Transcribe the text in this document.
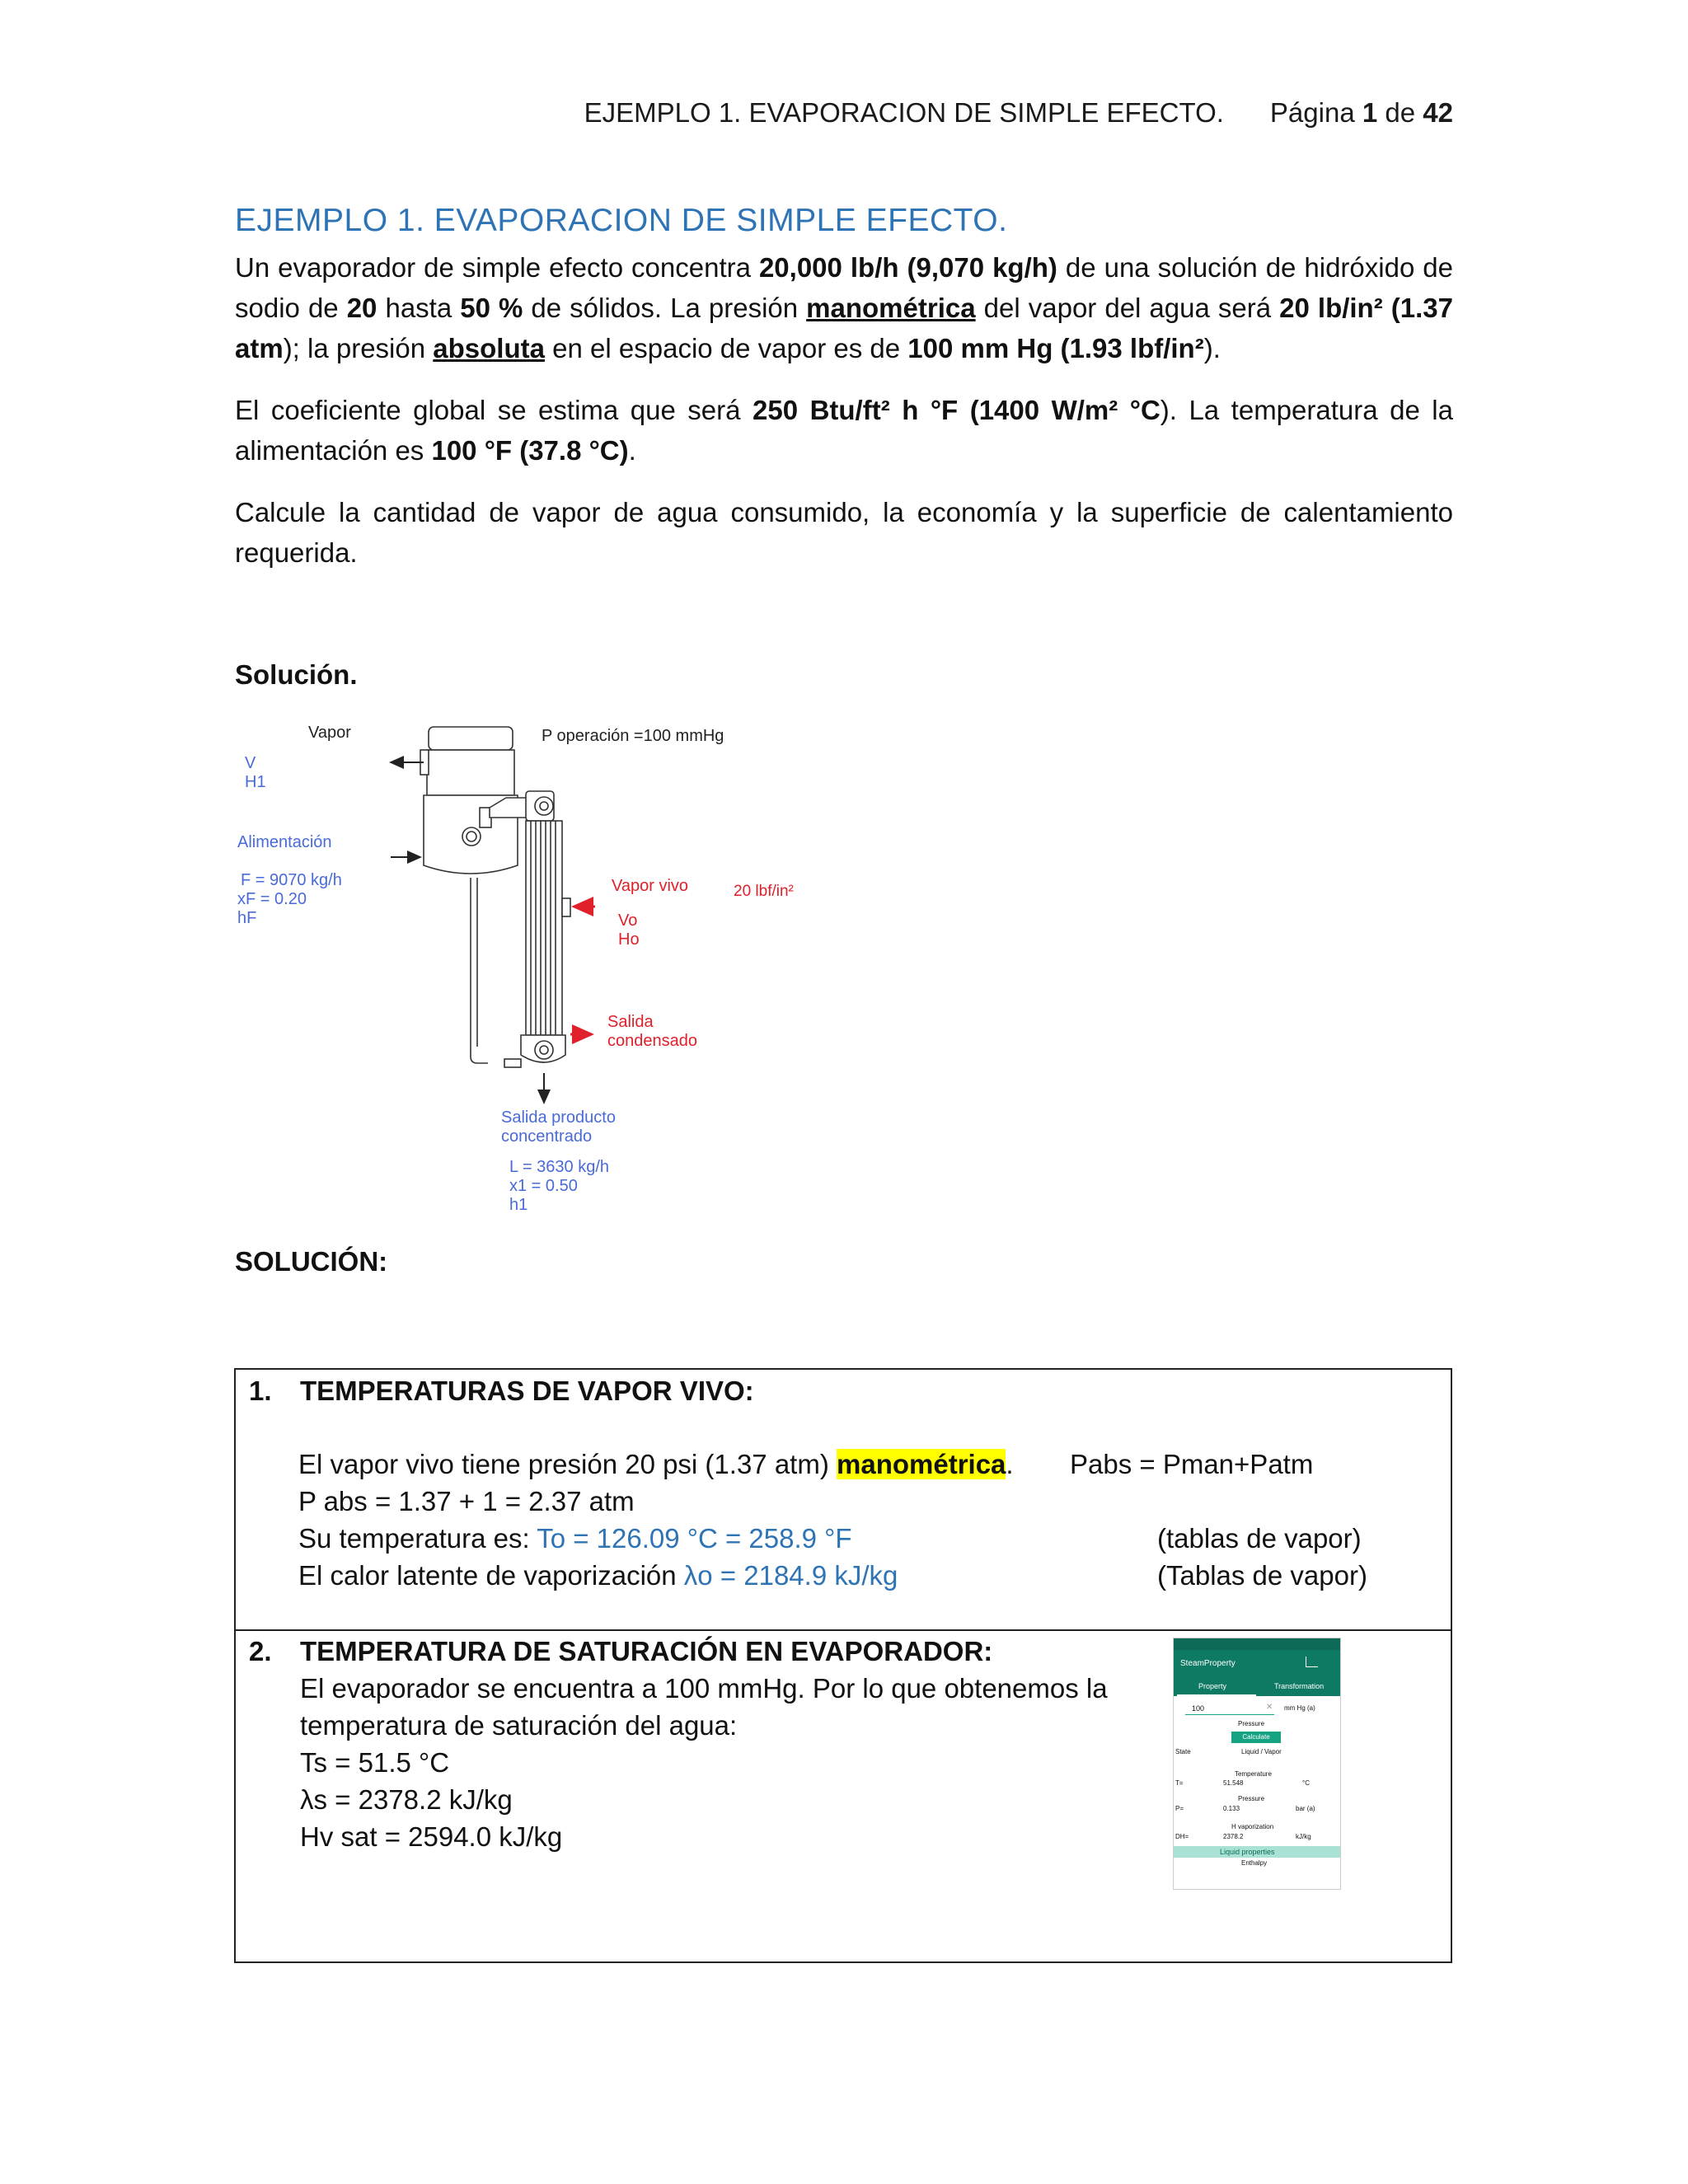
EJEMPLO 1. EVAPORACION DE SIMPLE EFECTO. Página 1 de 42
EJEMPLO 1. EVAPORACION DE SIMPLE EFECTO.
Un evaporador de simple efecto concentra 20,000 lb/h (9,070 kg/h) de una solución de hidróxido de sodio de 20 hasta 50 % de sólidos. La presión manométrica del vapor del agua será 20 lb/in² (1.37 atm); la presión absoluta en el espacio de vapor es de 100 mm Hg (1.93 lbf/in²).
El coeficiente global se estima que será 250 Btu/ft² h °F (1400 W/m² °C). La temperatura de la alimentación es 100 °F (37.8 °C).
Calcule la cantidad de vapor de agua consumido, la economía y la superficie de calentamiento requerida.
Solución.
Vapor	P operación =100 mmHg
V
H1
Alimentación
F = 9070 kg/h
xF = 0.20
hF
Vapor vivo	20 lbf/in²
Vo
Ho
Salida
condensado
Salida producto
concentrado
L = 3630 kg/h
x1 = 0.50
h1
SOLUCIÓN:
1. TEMPERATURAS DE VAPOR VIVO:
El vapor vivo tiene presión 20 psi (1.37 atm) manométrica. Pabs = Pman+Patm
P abs = 1.37 + 1 = 2.37 atm
Su temperatura es: To = 126.09 °C = 258.9 °F	(tablas de vapor)
El calor latente de vaporización λo = 2184.9 kJ/kg	(Tablas de vapor)
2. TEMPERATURA DE SATURACIÓN EN EVAPORADOR:
El evaporador se encuentra a 100 mmHg. Por lo que obtenemos la
temperatura de saturación del agua:
Ts = 51.5 °C
λs = 2378.2 kJ/kg
Hv sat = 2594.0 kJ/kg
SteamProperty
Property	Transformation
100	✕ mm Hg (a)
Pressure
Calculate
State	Liquid / Vapor
Temperature
T=	51.548	°C
Pressure
P=	0.133	bar (a)
H vaporization
DH=	2378.2	kJ/kg
Liquid properties
Enthalpy
